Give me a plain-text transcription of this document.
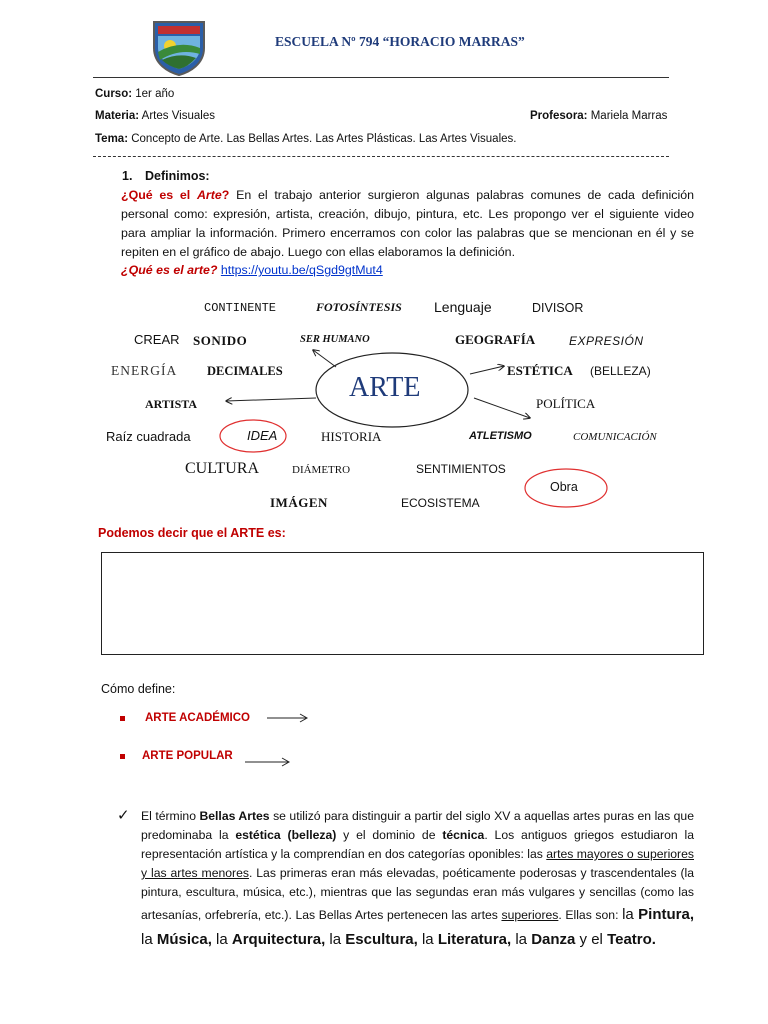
ESCUELA Nº 794 “HORACIO MARRAS”
Curso: 1er año
Materia: Artes Visuales	Profesora: Mariela Marras
Tema: Concepto de Arte. Las Bellas Artes. Las Artes Plásticas. Las Artes Visuales.
1. Definimos:
¿Qué es el Arte? En el trabajo anterior surgieron algunas palabras comunes de cada definición personal como: expresión, artista, creación, dibujo, pintura, etc. Les propongo ver el siguiente video para ampliar la información. Primero encerramos con color las palabras que se mencionan en él y se repiten en el gráfico de abajo. Luego con ellas elaboramos la definición.
¿Qué es el arte? https://youtu.be/qSgd9gtMut4
ARTE
CONTINENTE	FOTOSÍNTESIS Lenguaje	DIVISOR
CREAR SONIDO	SER HUMANO	GEOGRAFÍA	EXPRESIÓN
ENERGÍA DECIMALES	ESTÉTICA (BELLEZA)
ARTISTA	POLÍTICA
Raíz cuadrada	IDEA	HISTORIA	ATLETISMO	COMUNICACIÓN
CULTURA	DIÁMETRO	SENTIMIENTOS
Obra
IMÁGEN	ECOSISTEMA
Podemos decir que el ARTE es:
Cómo define:
ARTE ACADÉMICO
ARTE POPULAR
✓ El término Bellas Artes se utilizó para distinguir a partir del siglo XV a aquellas artes puras en las que predominaba la estética (belleza) y el dominio de técnica. Los antiguos griegos estudiaron la representación artística y la comprendían en dos categorías oponibles: las artes mayores o superiores y las artes menores. Las primeras eran más elevadas, poéticamente poderosas y trascendentales (la pintura, escultura, música, etc.), mientras que las segundas eran más vulgares y sencillas (como las artesanías, orfebrería, etc.). Las Bellas Artes pertenecen las artes superiores. Ellas son: la Pintura, la Música, la Arquitectura, la Escultura, la Literatura, la Danza y el Teatro.
